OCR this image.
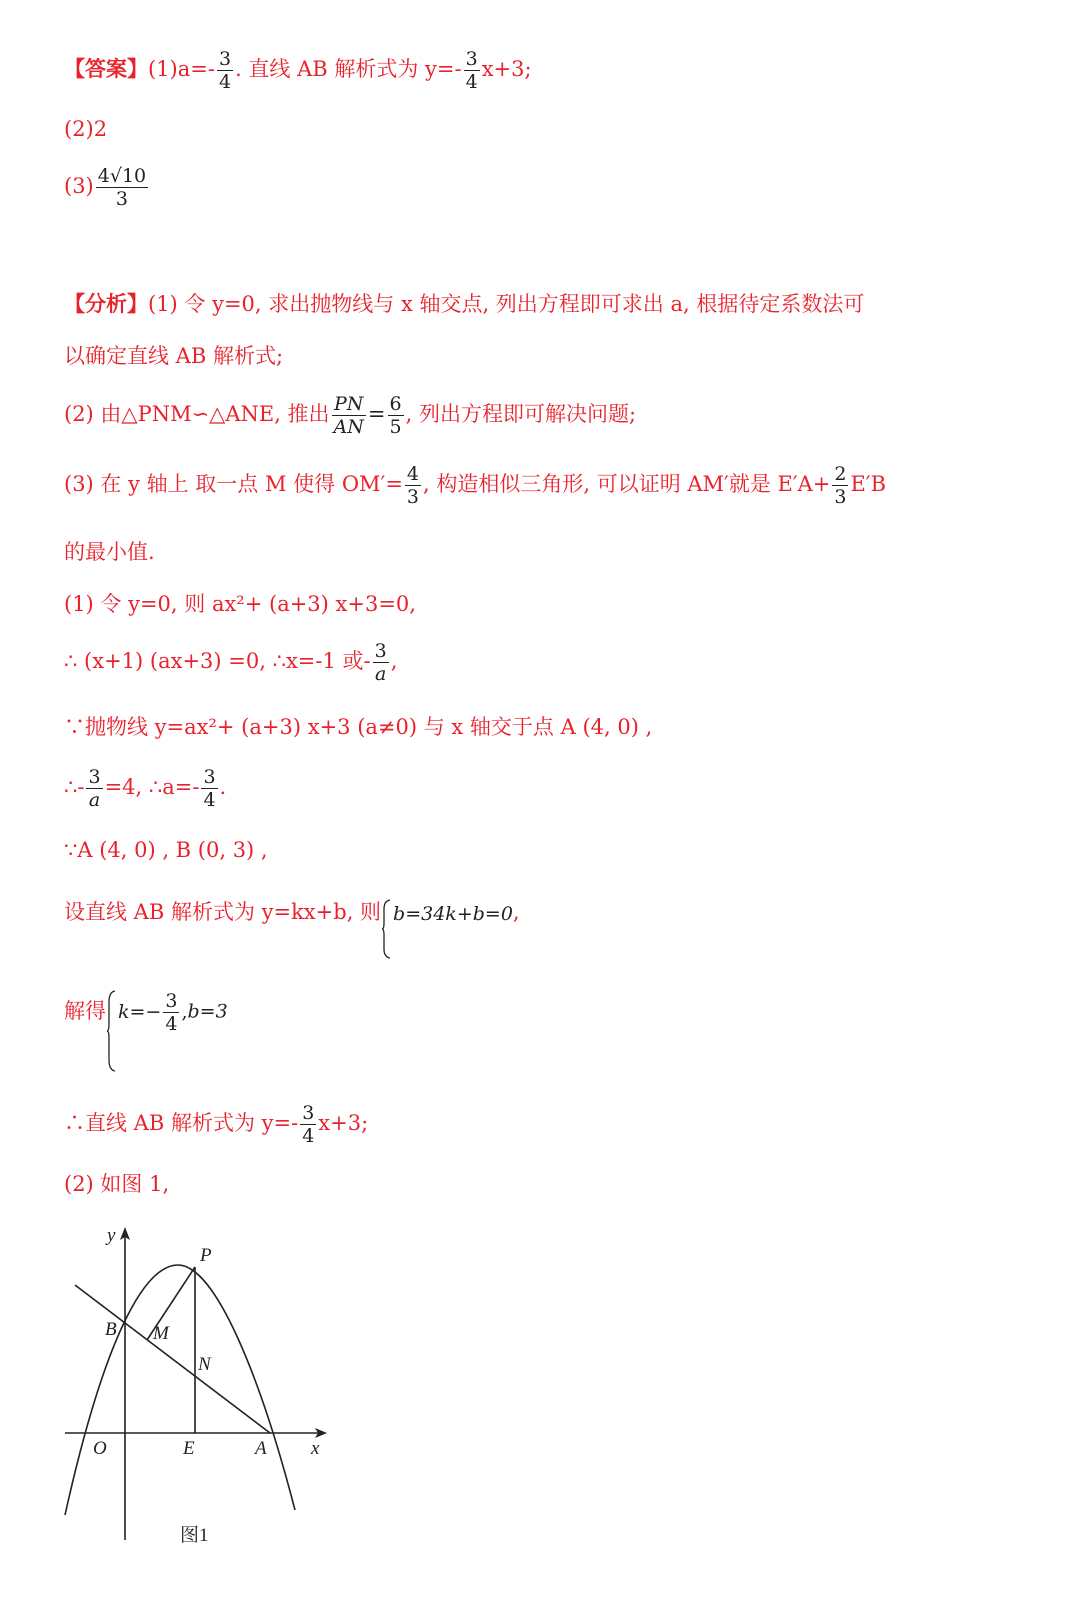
【答案】$(1)a=- \frac{3}{4}$ . 直线 AB 解析式为 $y=- \frac{3}{4} x+3$;
(2)2
$(3) \frac{4√10}{3}$
【分析】(1) 令 y=0, 求出抛物线与 x 轴交点, 列出方程即可求出 a, 根据待定系数法可
以确定直线 AB 解析式;
(2) 由△PNM∽△ANE, 推出 $\frac{PN}{AN} = \frac{6}{5}$ , 列出方程即可解决问题;
(3) 在 y 轴上 取一点 M 使得 $OM'= \frac{4}{3}$ , 构造相似三角形, 可以证明 AM′就是 $E'A+ \frac{2}{3} E'B$
的最小值.
(1) 令 y=0, 则 ax²+ (a+3) x+3=0,
∴ (x+1) (ax+3) =0, ∴x=-1 或- $\frac{3}{a}$ ,
∵抛物线 y=ax²+ (a+3) x+3 (a≠0) 与 x 轴交于点 A (4, 0) ,
∴- $\frac{3}{a} =4$, ∴a=- $\frac{3}{4}$ .
∵A (4, 0) , B (0, 3) ,
设直线 AB 解析式为 y=kx+b, 则 b=34k+b=0,
解得 $k=- \frac{3}{4} ,b=3$
∴直线 AB 解析式为 $y=- \frac{3}{4} x+3$;
(2) 如图 1,
y
P
B M
N
O	E	A x
图1
